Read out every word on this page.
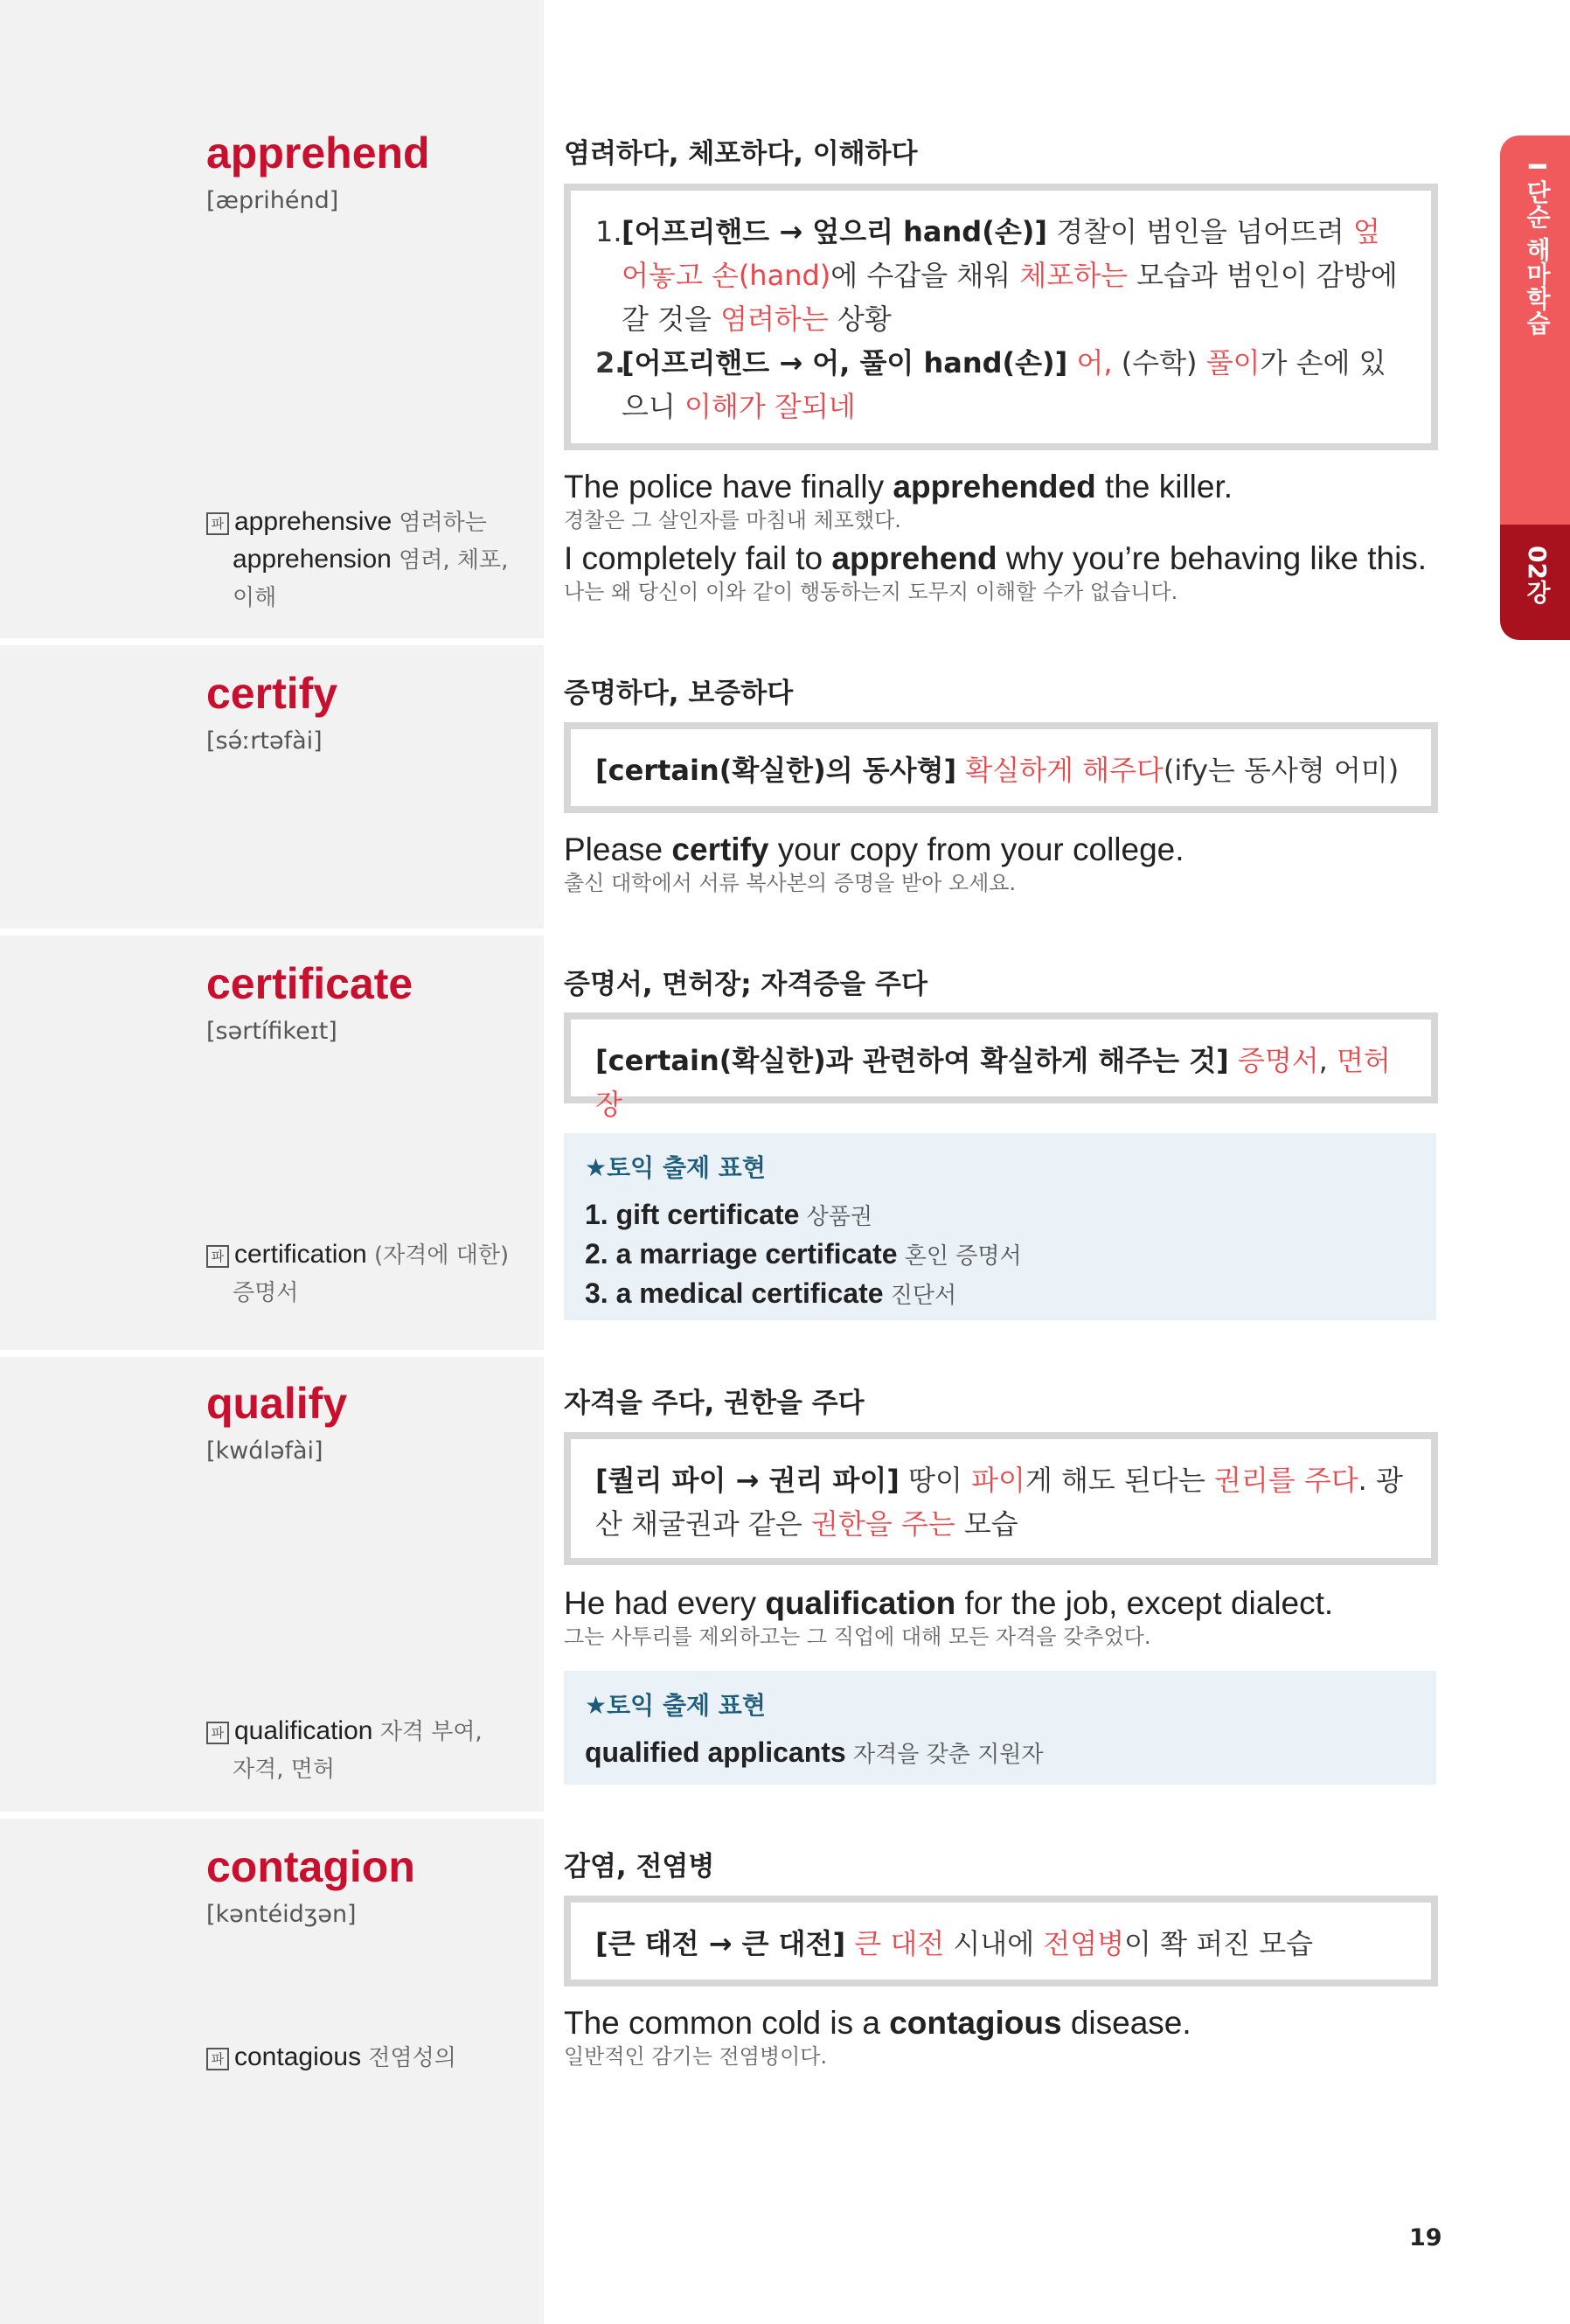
I 단순 해마학습
02강
apprehend
[æprihénd]
파 apprehensive 염려하는
apprehension 염려, 체포,
이해
염려하다, 체포하다, 이해하다
1. [어프리핸드 → 엎으리 hand(손)] 경찰이 범인을 넘어뜨려 엎어놓고 손(hand)에 수갑을 채워 체포하는 모습과 범인이 감방에 갈 것을 염려하는 상황
2.
[어프리핸드 → 어, 풀이 hand(손)] 어, (수학) 풀이가 손에 있으니 이해가 잘되네
The police have finally apprehended the killer.
경찰은 그 살인자를 마침내 체포했다.
I completely fail to apprehend why you’re behaving like this.
나는 왜 당신이 이와 같이 행동하는지 도무지 이해할 수가 없습니다.
certify
[sə́ːrtəfài]
증명하다, 보증하다
[certain(확실한)의 동사형] 확실하게 해주다(ify는 동사형 어미)
Please certify your copy from your college.
출신 대학에서 서류 복사본의 증명을 받아 오세요.
certificate
[sərtífikeɪt]
파 certification (자격에 대한)
증명서
증명서, 면허장; 자격증을 주다
[certain(확실한)과 관련하여 확실하게 해주는 것] 증명서, 면허장
★토익 출제 표현
1. gift certificate 상품권
2. a marriage certificate 혼인 증명서
3. a medical certificate 진단서
qualify
[kwɑ́ləfài]
파 qualification 자격 부여,
자격, 면허
자격을 주다, 권한을 주다
[퀄리 파이 → 권리 파이] 땅이 파이게 해도 된다는 권리를 주다. 광산 채굴권과 같은 권한을 주는 모습
He had every qualification for the job, except dialect.
그는 사투리를 제외하고는 그 직업에 대해 모든 자격을 갖추었다.
★토익 출제 표현
qualified applicants 자격을 갖춘 지원자
contagion
[kəntéidʒən]
파 contagious 전염성의
감염, 전염병
[큰 태전 → 큰 대전] 큰 대전 시내에 전염병이 쫙 퍼진 모습
The common cold is a contagious disease.
일반적인 감기는 전염병이다.
19
